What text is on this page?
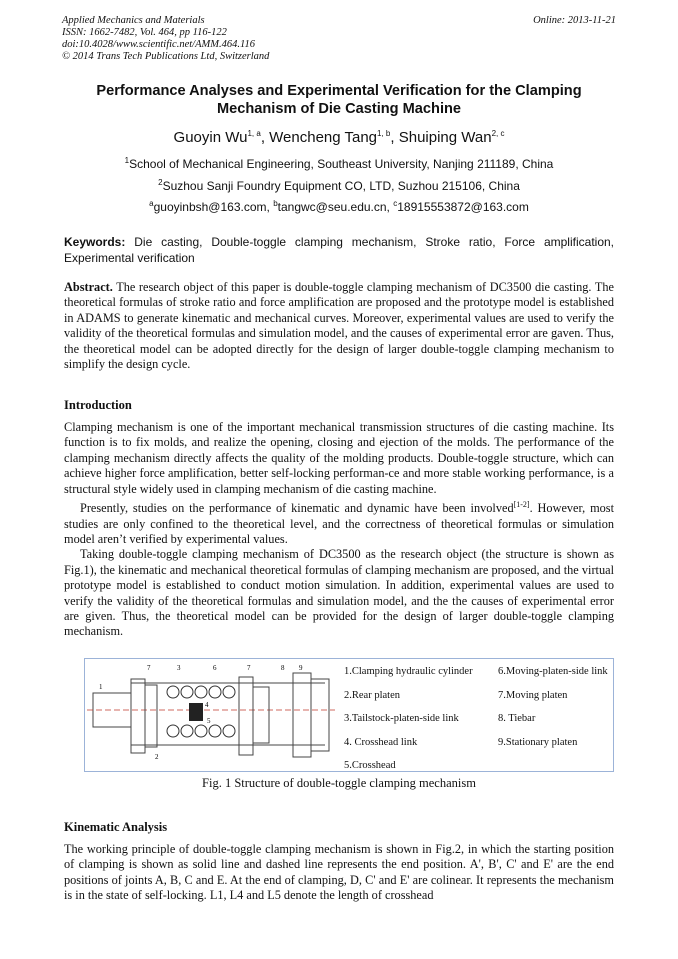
Applied Mechanics and Materials
ISSN: 1662-7482, Vol. 464, pp 116-122
doi:10.4028/www.scientific.net/AMM.464.116
© 2014 Trans Tech Publications Ltd, Switzerland
Online: 2013-11-21
Performance Analyses and Experimental Verification for the Clamping
Mechanism of Die Casting Machine
Guoyin Wu$^{1, a}$, Wencheng Tang$^{1, b}$, Shuiping Wan$^{2, c}$
$^1$School of Mechanical Engineering, Southeast University, Nanjing 211189, China
$^2$Suzhou Sanji Foundry Equipment CO, LTD, Suzhou 215106, China
$^a$guoyinbsh@163.com, $^b$tangwc@seu.edu.cn, $^c$18915553872@163.com
Keywords: Die casting, Double-toggle clamping mechanism, Stroke ratio, Force amplification, Experimental verification
Abstract. The research object of this paper is double-toggle clamping mechanism of DC3500 die casting. The theoretical formulas of stroke ratio and force amplification are proposed and the prototype model is established in ADAMS to generate kinematic and mechanical curves. Moreover, experimental values are used to verify the validity of the theoretical formulas and simulation model, and the causes of experimental error are gaven. Thus, the theoretical model can be adopted directly for the design of larger double-toggle clamping mechanism to simplify the design cycle.
Introduction
Clamping mechanism is one of the important mechanical transmission structures of die casting machine. Its function is to fix molds, and realize the opening, closing and ejection of the molds. The performance of the clamping mechanism directly affects the quality of the molding products. Double-toggle structure, which can achieve higher force amplification, better self-locking performan-ce and more stable working performance, is a structural style widely used in clamping mechanism of die casting machine.
Presently, studies on the performance of kinematic and dynamic have been involved[1-2]. However, most studies are only confined to the theoretical level, and the correctness of theoretical formulas or simulation model aren’t verified by experimental values.
Taking double-toggle clamping mechanism of DC3500 as the research object (the structure is shown as Fig.1), the kinematic and mechanical theoretical formulas of clamping mechanism are proposed, and the virtual prototype model is established to conduct motion simulation. In addition, experimental values are used to verify the validity of the theoretical formulas and simulation model, and the the causes of experimental error are given. Thus, the theoretical model can be provided for the design of larger double-toggle clamping mechanism.
1
7	3	6	7	8 9
2
4
5
1.Clamping hydraulic cylinder
2.Rear platen
3.Tailstock-platen-side link
4. Crosshead link
5.Crosshead
6.Moving-platen-side link
7.Moving platen
8. Tiebar
9.Stationary platen
Fig. 1 Structure of double-toggle clamping mechanism
Kinematic Analysis
The working principle of double-toggle clamping mechanism is shown in Fig.2, in which the starting position of clamping is shown as solid line and dashed line represents the end position. A', B', C' and E' are the end positions of joints A, B, C and E. At the end of clamping, D, C' and E' are colinear. It represents the mechanism is in the state of self-locking. L1, L4 and L5 denote the length of crosshead
